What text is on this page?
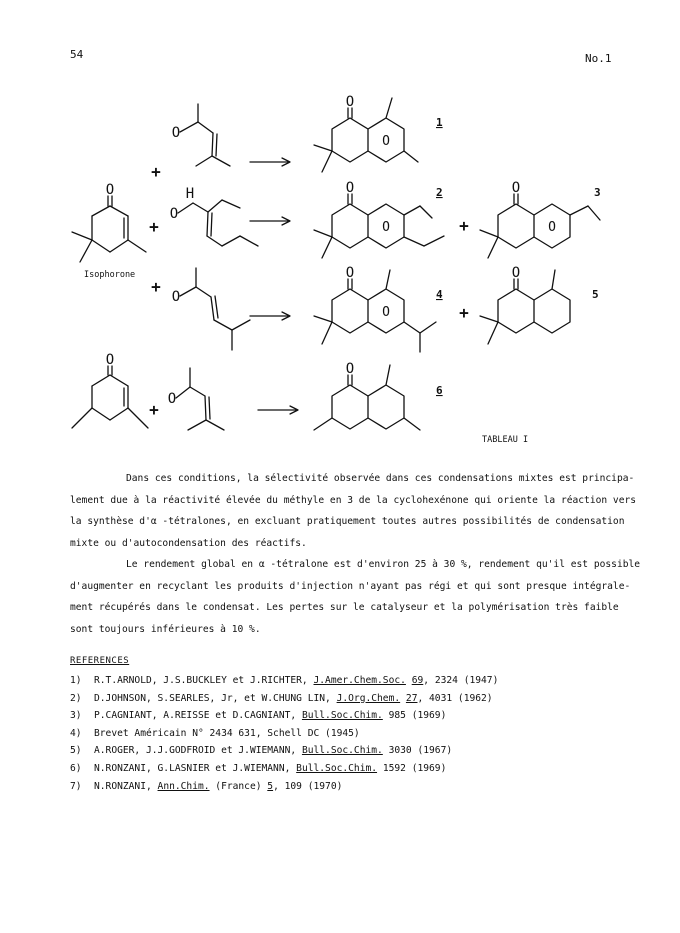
54	No.1
O
O
H
O
O
O
O
O
O	O
O	O
O
O
O	O
O
+
+
+
+
+
+
1
2	3
4	5
6
Isophorone
TABLEAU I
Dans ces conditions, la sélectivité observée dans ces condensations mixtes est principa-
lement due à la réactivité élevée du méthyle en 3 de la cyclohexénone qui oriente la réaction vers
la synthèse d'α -tétralones, en excluant pratiquement toutes autres possibilités de condensation
mixte ou d'autocondensation des réactifs.
Le rendement global en α -tétralone est d'environ 25 à 30 %, rendement qu'il est possible
d'augmenter en recyclant les produits d'injection n'ayant pas régi et qui sont presque intégrale-
ment récupérés dans le condensat. Les pertes sur le catalyseur et la polymérisation très faible
sont toujours inférieures à 10 %.
REFERENCES
1) R.T.ARNOLD, J.S.BUCKLEY et J.RICHTER, J.Amer.Chem.Soc. 69, 2324 (1947)
2) D.JOHNSON, S.SEARLES, Jr, et W.CHUNG LIN, J.Org.Chem. 27, 4031 (1962)
3) P.CAGNIANT, A.REISSE et D.CAGNIANT, Bull.Soc.Chim. 985 (1969)
4) Brevet Américain N° 2434 631, Schell DC (1945)
5) A.ROGER, J.J.GODFROID et J.WIEMANN, Bull.Soc.Chim. 3030 (1967)
6) N.RONZANI, G.LASNIER et J.WIEMANN, Bull.Soc.Chim. 1592 (1969)
7) N.RONZANI, Ann.Chim. (France) 5, 109 (1970)
